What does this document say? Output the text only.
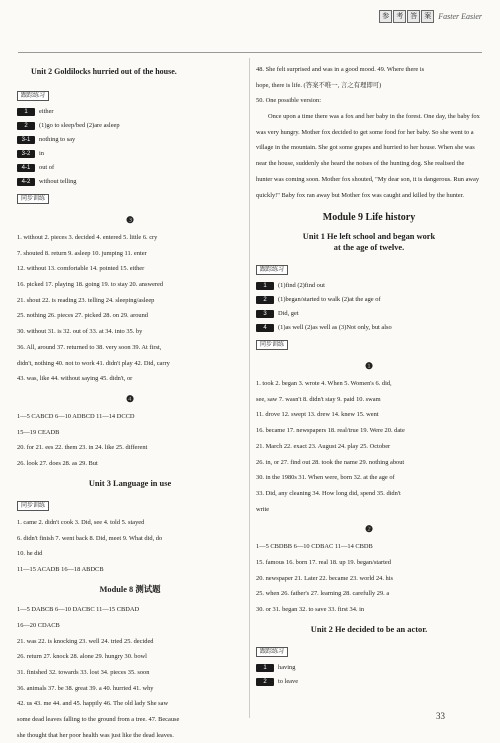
参	考	答	案 Faster Easier
Unit 2 Goldilocks hurried out of the house.
跟踪练习
1	either
2	(1)go to sleep/bed (2)are asleep
3-1	nothing to say
3-2	in
4-1	out of
4-2	without telling
同步训练
❸
1. without 2. pieces 3. decided 4. entered 5. little 6. cry
7. shouted 8. return 9. asleep 10. jumping 11. enter
12. without 13. comfortable 14. pointed 15. either
16. picked 17. playing 18. going 19. to stay 20. answered
21. shout 22. is reading 23. telling 24. sleeping/asleep
25. nothing 26. pieces 27. picked 28. on 29. around
30. without 31. is 32. out of 33. at 34. into 35. by
36. All, around 37. returned to 38. very soon 39. At first,
didn't, nothing 40. not to work 41. didn't play 42. Did, carry
43. was, like 44. without saying 45. didn't, or
❹
1—5 CABCD 6—10 ADBCD 11—14 DCCD
15—19 CEADB
20. for 21. ees 22. them 23. in 24. like 25. different
26. look 27. does 28. as 29. But
Unit 3 Language in use
同步训练
1. came 2. didn't cook 3. Did, see 4. told 5. stayed
6. didn't finish 7. went back 8. Did, meet 9. What did, do
10. he did
11—15 ACADB 16—18 ABDCB
Module 8 测试题
1—5 DABCB 6—10 DACBC 11—15 CBDAD
16—20 CDACB
21. was 22. is knocking 23. well 24. tried 25. decided
26. return 27. knock 28. alone 29. hungry 30. bowl
31. finished 32. towards 33. lost 34. pieces 35. soon
36. animals 37. be 38. great 39. a 40. hurried 41. why
42. us 43. me 44. and 45. happily 46. The old lady She saw
some dead leaves falling to the ground from a tree. 47. Because
she thought that her poor health was just like the dead leaves.
48. She felt surprised and was in a good mood. 49. Where there is
hope, there is life. (答案不唯一, 言之有理即可)
50. One possible version:
Once upon a time there was a fox and her baby in the forest. One day, the baby fox was very hungry. Mother fox decided to get some food for her baby. So she went to a village in the mountain. She got some grapes and hurried to her house. When she was near the house, suddenly she heard the noises of the hunting dog. She realised the hunter was coming soon. Mother fox shouted, "My dear son, it is dangerous. Run away quickly!" Baby fox ran away but Mother fox was caught and killed by the hunter.
Module 9 Life history
Unit 1 He left school and began work
at the age of twelve.
跟踪练习
1	(1)find (2)find out
2	(1)began/started to walk (2)at the age of
3	Did, get
4	(1)as well (2)as well as (3)Not only, but also
同步训练
❶
1. took 2. began 3. wrote 4. When 5. Women's 6. did,
see, saw 7. wasn't 8. didn't stay 9. paid 10. swam
11. drove 12. swept 13. drew 14. knew 15. went
16. became 17. newspapers 18. real/true 19. Were 20. date
21. March 22. exact 23. August 24. play 25. October
26. in, or 27. find out 28. took the name 29. nothing about
30. in the 1980s 31. When were, born 32. at the age of
33. Did, any cleaning 34. How long did, spend 35. didn't
write
❷
1—5 CBDBB 6—10 CDBAC 11—14 CBDB
15. famous 16. born 17. real 18. up 19. began/started
20. newspaper 21. Later 22. became 23. world 24. his
25. when 26. father's 27. learning 28. carefully 29. a
30. or 31. began 32. to save 33. first 34. in
Unit 2 He decided to be an actor.
跟踪练习
1	having
2	to leave
33
